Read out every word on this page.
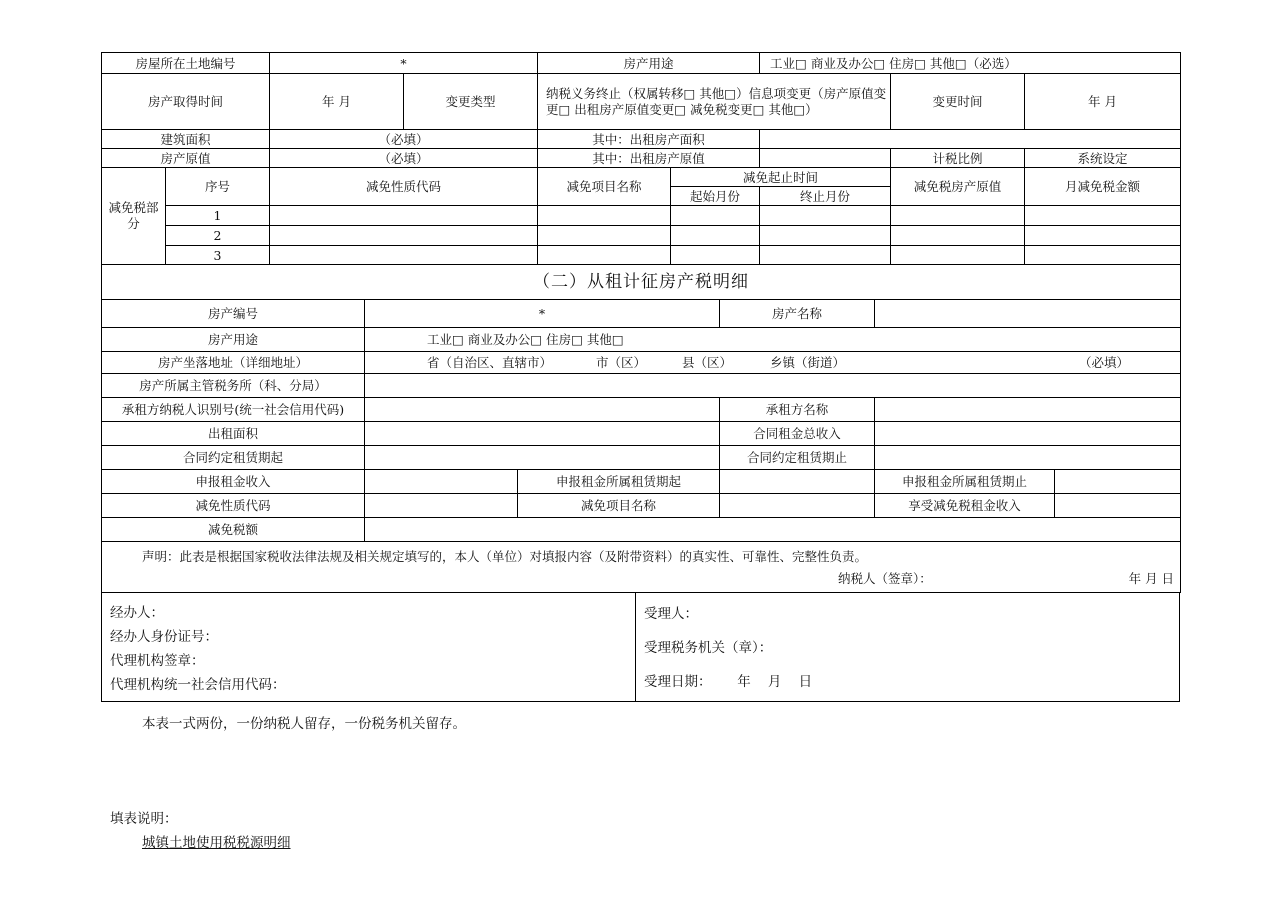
房屋所在土地编号		*		房产用途		工业□ 商业及办公□ 住房□ 其他□（必选）		
房产取得时间		年 月	变更类型	纳税义务终止（权属转移□ 其他□）信息项变更（房产原值变更□ 出租房产原值变更□ 减免税变更□ 其他□）			变更时间	年 月
建筑面积		（必填）		其中：出租房产面积				
房产原值		（必填）		其中：出租房产原值			计税比例	系统设定
减免税部分	序号	减免性质代码		减免项目名称	减免起止时间		减免税房产原值	月减免税金额
					起始月份	终止月份		
	1							
	2							
	3							
（二）从租计征房产税明细					
房产编号	*		房产名称		
房产用途	工业□ 商业及办公□ 住房□ 其他□				
房产坐落地址（详细地址）	省（自治区、直辖市） 市（区） 县（区） 乡镇（街道） （必填）				
房产所属主管税务所（科、分局）					
承租方纳税人识别号(统一社会信用代码)			承租方名称		
出租面积			合同租金总收入		
合同约定租赁期起			合同约定租赁期止		
申报租金收入		申报租金所属租赁期起		申报租金所属租赁期止	
减免性质代码		减免项目名称		享受减免税租金收入	
减免税额					

声明：此表是根据国家税收法律法规及相关规定填写的，本人（单位）对填报内容（及附带资料）的真实性、可靠性、完整性负责。
纳税人（签章）： 年 月 日					
经办人：
经办人身份证号：
代理机构签章：
代理机构统一社会信用代码：
受理人：
受理税务机关（章）：
受理日期：      年    月    日
本表一式两份，一份纳税人留存，一份税务机关留存。
填表说明：
城镇土地使用税税源明细
